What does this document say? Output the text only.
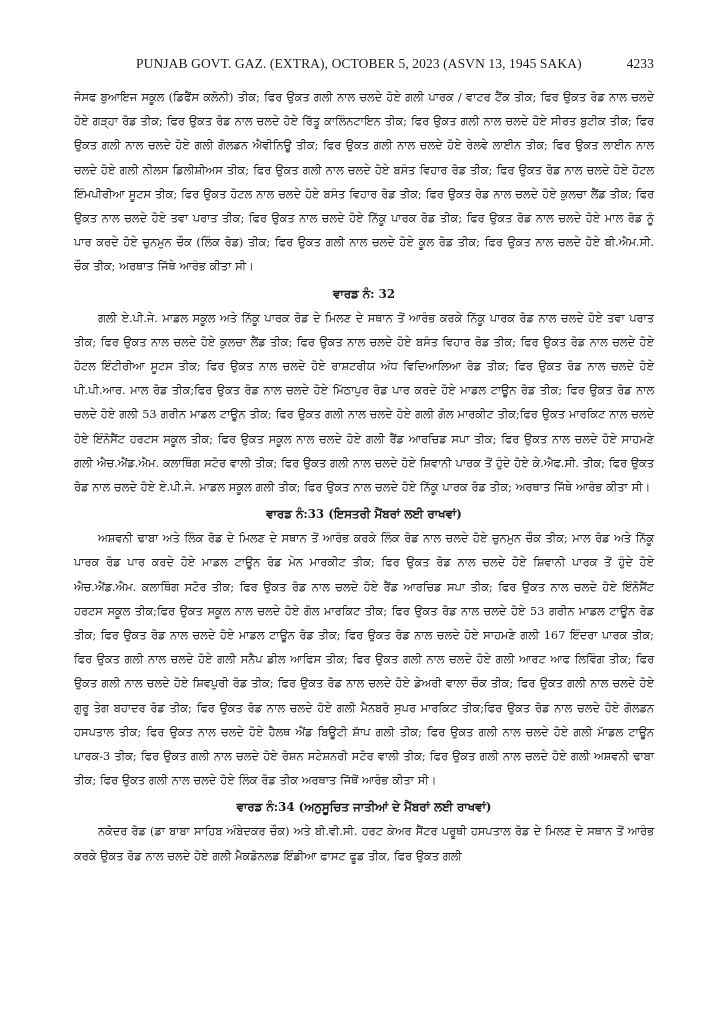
PUNJAB GOVT. GAZ. (EXTRA), OCTOBER 5, 2023 (ASVN 13, 1945 SAKA)	4233

ਜੋਸਫ ਬੁਆਇਜ ਸਕੂਲ (ਡਿਫੈਂਸ ਕਲੋਨੀ) ਤੀਕ; ਫਿਰ ਉਕਤ ਗਲੀ ਨਾਲ ਚਲਦੇ ਹੋਏ ਗਲੀ ਪਾਰਕ / ਵਾਟਰ ਟੈਂਕ ਤੀਕ; ਫਿਰ ਉਕਤ ਰੋਡ ਨਾਲ ਚਲਦੇ ਹੋਏ ਗੜ੍ਹਾ ਰੋਡ ਤੀਕ; ਫਿਰ ਉਕਤ ਰੋਡ ਨਾਲ ਚਲਦੇ ਹੋਏ ਰਿੱਤੂ ਕਾਲਿੰਨਟਾਇਨ ਤੀਕ; ਫਿਰ ਉਕਤ ਗਲੀ ਨਾਲ ਚਲਦੇ ਹੋਏ ਸੀਰਤ ਬੁਟੀਕ ਤੀਕ; ਫਿਰ ਉਕਤ ਗਲੀ ਨਾਲ ਚਲਦੇ ਹੋਏ ਗਲੀ ਗੋਲਡਨ ਐਵੀਨਿਊ ਤੀਕ; ਫਿਰ ਉਕਤ ਗਲੀ ਨਾਲ ਚਲਦੇ ਹੋਏ ਰੇਲਵੇ ਲਾਈਨ ਤੀਕ; ਫਿਰ ਉਕਤ ਲਾਈਨ ਨਾਲ ਚਲਦੇ ਹੋਏ ਗਲੀ ਨੀਲਸ ਡਿਲੀਸ਼ੀਅਸ ਤੀਕ; ਫਿਰ ਉਕਤ ਗਲੀ ਨਾਲ ਚਲਦੇ ਹੋਏ ਬਸੰਤ ਵਿਹਾਰ ਰੋਡ ਤੀਕ; ਫਿਰ ਉਕਤ ਰੋਡ ਨਾਲ ਚਲਦੇ ਹੋਏ ਹੋਟਲ ਇੰਮਪੀਰੀਆ ਸੂਟਸ ਤੀਕ; ਫਿਰ ਉਕਤ ਹੋਟਲ ਨਾਲ ਚਲਦੇ ਹੋਏ ਬਸੰਤ ਵਿਹਾਰ ਰੋਡ ਤੀਕ; ਫਿਰ ਉਕਤ ਰੋਡ ਨਾਲ ਚਲਦੇ ਹੋਏ ਕੁਲਚਾ ਲੈਂਡ ਤੀਕ; ਫਿਰ ਉਕਤ ਨਾਲ ਚਲਦੇ ਹੋਏ ਤਵਾ ਪਰਾਤ ਤੀਕ; ਫਿਰ ਉਕਤ ਨਾਲ ਚਲਦੇ ਹੋਏ ਨਿੱਕੂ ਪਾਰਕ ਰੋਡ ਤੀਕ; ਫਿਰ ਉਕਤ ਰੋਡ ਨਾਲ ਚਲਦੇ ਹੋਏ ਮਾਲ ਰੋਡ ਨੂੰ ਪਾਰ ਕਰਦੇ ਹੋਏ ਚੁਨਮੁਨ ਚੌਕ (ਲਿੰਕ ਰੋਡ) ਤੀਕ; ਫਿਰ ਉਕਤ ਗਲੀ ਨਾਲ ਚਲਦੇ ਹੋਏ ਕੂਲ ਰੋਡ ਤੀਕ; ਫਿਰ ਉਕਤ ਨਾਲ ਚਲਦੇ ਹੋਏ ਬੀ.ਐਮ.ਸੀ. ਚੌਕ ਤੀਕ; ਅਰਥਾਤ ਜਿੱਥੇ ਆਰੰਭ ਕੀਤਾ ਸੀ।

ਵਾਰਡ ਨੰ: 32

ਗਲੀ ਏ.ਪੀ.ਜੇ. ਮਾਡਲ ਸਕੂਲ ਅਤੇ ਨਿੱਕੂ ਪਾਰਕ ਰੋਡ ਦੇ ਮਿਲਣ ਦੇ ਸਥਾਨ ਤੋਂ ਆਰੰਭ ਕਰਕੇ ਨਿੱਕੂ ਪਾਰਕ ਰੋਡ ਨਾਲ ਚਲਦੇ ਹੋਏ ਤਵਾ ਪਰਾਤ ਤੀਕ; ਫਿਰ ਉਕਤ ਨਾਲ ਚਲਦੇ ਹੋਏ ਕੁਲਚਾ ਲੈਂਡ ਤੀਕ; ਫਿਰ ਉਕਤ ਨਾਲ ਚਲਦੇ ਹੋਏ ਬਸੰਤ ਵਿਹਾਰ ਰੋਡ ਤੀਕ; ਫਿਰ ਉਕਤ ਰੋਡ ਨਾਲ ਚਲਦੇ ਹੋਏ ਹੋਟਲ ਇੰਟੀਰੀਆ ਸੂਟਸ ਤੀਕ; ਫਿਰ ਉਕਤ ਨਾਲ ਚਲਦੇ ਹੋਏ ਰਾਸ਼ਟਰੀਯ ਅੰਧ ਵਿਦਿਆਲਿਆ ਰੋਡ ਤੀਕ; ਫਿਰ ਉਕਤ ਰੋਡ ਨਾਲ ਚਲਦੇ ਹੋਏ ਪੀ.ਪੀ.ਆਰ. ਮਾਲ ਰੋਡ ਤੀਕ;ਫਿਰ ਉਕਤ ਰੋਡ ਨਾਲ ਚਲਦੇ ਹੋਏ ਮਿੱਠਾਪੁਰ ਰੋਡ ਪਾਰ ਕਰਦੇ ਹੋਏ ਮਾਡਲ ਟਾਊਨ ਰੋਡ ਤੀਕ; ਫਿਰ ਉਕਤ ਰੋਡ ਨਾਲ ਚਲਦੇ ਹੋਏ ਗਲੀ 53 ਗਰੀਨ ਮਾਡਲ ਟਾਊਨ ਤੀਕ; ਫਿਰ ਉਕਤ ਗਲੀ ਨਾਲ ਚਲਦੇ ਹੋਏ ਗਲੀ ਗੋਲ ਮਾਰਕੀਟ ਤੀਕ;ਫਿਰ ਉਕਤ ਮਾਰਕਿਟ ਨਾਲ ਚਲਦੇ ਹੋਏ ਇੰਨੋਸੈਂਟ ਹਰਟਸ ਸਕੂਲ ਤੀਕ; ਫਿਰ ਉਕਤ ਸਕੂਲ ਨਾਲ ਚਲਦੇ ਹੋਏ ਗਲੀ ਰੈਂਡ ਆਰਚਿਡ ਸਪਾ ਤੀਕ; ਫਿਰ ਉਕਤ ਨਾਲ ਚਲਦੇ ਹੋਏ ਸਾਹਮਣੇ ਗਲੀ ਐਚ.ਐਂਡ.ਐਮ. ਕਲਾਥਿੰਗ ਸਟੋਰ ਵਾਲੀ ਤੀਕ; ਫਿਰ ਉਕਤ ਗਲੀ ਨਾਲ ਚਲਦੇ ਹੋਏ ਸ਼ਿਵਾਨੀ ਪਾਰਕ ਤੋਂ ਹੁੰਦੇ ਹੋਏ ਕੇ.ਐਫ.ਸੀ. ਤੀਕ; ਫਿਰ ਉਕਤ ਰੋਡ ਨਾਲ ਚਲਦੇ ਹੋਏ ਏ.ਪੀ.ਜੇ. ਮਾਡਲ ਸਕੂਲ ਗਲੀ ਤੀਕ; ਫਿਰ ਉਕਤ ਨਾਲ ਚਲਦੇ ਹੋਏ ਨਿੱਕੂ ਪਾਰਕ ਰੋਡ ਤੀਕ; ਅਰਥਾਤ ਜਿੱਥੇ ਆਰੰਭ ਕੀਤਾ ਸੀ।

ਵਾਰਡ ਨੰ:33 (ਇਸਤਰੀ ਮੈਂਬਰਾਂ ਲਈ ਰਾਖਵਾਂ)

ਅਸ਼ਵਨੀ ਢਾਬਾ ਅਤੇ ਲਿੰਕ ਰੋਡ ਦੇ ਮਿਲਣ ਦੇ ਸਥਾਨ ਤੋਂ ਆਰੰਭ ਕਰਕੇ ਲਿੰਕ ਰੋਡ ਨਾਲ ਚਲਦੇ ਹੋਏ ਚੁਨਮੁਨ ਚੌਕ ਤੀਕ; ਮਾਲ ਰੋਡ ਅਤੇ ਨਿੱਕੂ ਪਾਰਕ ਰੋਡ ਪਾਰ ਕਰਦੇ ਹੋਏ ਮਾਡਲ ਟਾਊਨ ਰੋਡ ਮੇਨ ਮਾਰਕੀਟ ਤੀਕ; ਫਿਰ ਉਕਤ ਰੋਡ ਨਾਲ ਚਲਦੇ ਹੋਏ ਸ਼ਿਵਾਨੀ ਪਾਰਕ ਤੋਂ ਹੁੰਦੇ ਹੋਏ ਐਚ.ਐਂਡ.ਐਮ. ਕਲਾਥਿੰਗ ਸਟੋਰ ਤੀਕ; ਫਿਰ ਉਕਤ ਰੋਡ ਨਾਲ ਚਲਦੇ ਹੋਏ ਰੈਂਡ ਆਰਚਿਡ ਸਪਾ ਤੀਕ; ਫਿਰ ਉਕਤ ਨਾਲ ਚਲਦੇ ਹੋਏ ਇੰਨੋਸੈਂਟ ਹਰਟਸ ਸਕੂਲ ਤੀਕ;ਫਿਰ ਉਕਤ ਸਕੂਲ ਨਾਲ ਚਲਦੇ ਹੋਏ ਗੋਲ ਮਾਰਕਿਟ ਤੀਕ; ਫਿਰ ਉਕਤ ਰੋਡ ਨਾਲ ਚਲਦੇ ਹੋਏ 53 ਗਰੀਨ ਮਾਡਲ ਟਾਊਨ ਰੋਡ ਤੀਕ; ਫਿਰ ਉਕਤ ਰੋਡ ਨਾਲ ਚਲਦੇ ਹੋਏ ਮਾਡਲ ਟਾਊਨ ਰੋਡ ਤੀਕ; ਫਿਰ ਉਕਤ ਰੋਡ ਨਾਲ ਚਲਦੇ ਹੋਏ ਸਾਹਮਣੇ ਗਲੀ 167 ਇੰਦਰਾ ਪਾਰਕ ਤੀਕ; ਫਿਰ ਉਕਤ ਗਲੀ ਨਾਲ ਚਲਦੇ ਹੋਏ ਗਲੀ ਸਨੈਪ ਡੀਲ ਆਫਿਸ ਤੀਕ; ਫਿਰ ਉਕਤ ਗਲੀ ਨਾਲ ਚਲਦੇ ਹੋਏ ਗਲੀ ਆਰਟ ਆਫ ਲਿਵਿੰਗ ਤੀਕ; ਫਿਰ ਉਕਤ ਗਲੀ ਨਾਲ ਚਲਦੇ ਹੋਏ ਸ਼ਿਵਪੁਰੀ ਰੋਡ ਤੀਕ; ਫਿਰ ਉਕਤ ਰੋਡ ਨਾਲ ਚਲਦੇ ਹੋਏ ਡੇਅਰੀ ਵਾਲਾ ਚੌਕ ਤੀਕ; ਫਿਰ ਉਕਤ ਗਲੀ ਨਾਲ ਚਲਦੇ ਹੋਏ ਗੁਰੂ ਤੇਗ ਬਹਾਦਰ ਰੋਡ ਤੀਕ; ਫਿਰ ਉਕਤ ਰੋਡ ਨਾਲ ਚਲਦੇ ਹੋਏ ਗਲੀ ਮੈਨਬਰੋ ਸੁਪਰ ਮਾਰਕਿਟ ਤੀਕ;ਫਿਰ ਉਕਤ ਰੋਡ ਨਾਲ ਚਲਦੇ ਹੋਏ ਗੋਲਡਨ ਹਸਪਤਾਲ ਤੀਕ; ਫਿਰ ਉਕਤ ਨਾਲ ਚਲਦੇ ਹੋਏ ਹੈਲਥ ਐਂਡ ਬਿਊਟੀ ਸ਼ਾੱਪ ਗਲੀ ਤੀਕ; ਫਿਰ ਉਕਤ ਗਲੀ ਨਾਲ ਚਲਦੇ ਹੋਏ ਗਲੀ ਮਾੱਡਲ ਟਾਊਨ ਪਾਰਕ-3 ਤੀਕ; ਫਿਰ ਉਕਤ ਗਲੀ ਨਾਲ ਚਲਦੇ ਹੋਏ ਰੋਸ਼ਨ ਸਟੇਸ਼ਨਰੀ ਸਟੋਰ ਵਾਲੀ ਤੀਕ; ਫਿਰ ਉਕਤ ਗਲੀ ਨਾਲ ਚਲਦੇ ਹੋਏ ਗਲੀ ਅਸ਼ਵਨੀ ਢਾਬਾ ਤੀਕ; ਫਿਰ ਉਕਤ ਗਲੀ ਨਾਲ ਚਲਦੇ ਹੋਏ ਲਿੰਕ ਰੋਡ ਤੀਕ ਅਰਥਾਤ ਜਿੱਥੋਂ ਆਰੰਭ ਕੀਤਾ ਸੀ।

ਵਾਰਡ ਨੰ:34 (ਅਨੁਸੂਚਿਤ ਜਾਤੀਆਂ ਦੇ ਮੈਂਬਰਾਂ ਲਈ ਰਾਖਵਾਂ)

ਨਕੋਦਰ ਰੋਡ (ਡਾ ਬਾਬਾ ਸਾਹਿਬ ਅੰਬੇਦਕਰ ਚੌਕ) ਅਤੇ ਬੀ.ਵੀ.ਸੀ. ਹਰਟ ਕੇਅਰ ਸੈਂਟਰ ਪਰੂਥੀ ਹਸਪਤਾਲ ਰੋਡ ਦੇ ਮਿਲਣ ਦੇ ਸਥਾਨ ਤੋਂ ਆਰੰਭ ਕਰਕੇ ਉਕਤ ਰੋਡ ਨਾਲ ਚਲਦੇ ਹੋਏ ਗਲੀ ਮੈਕਡੋਨਲਡ ਇੰਡੀਆ ਫਾਸਟ ਫੂਡ ਤੀਕ, ਫਿਰ ਉਕਤ ਗਲੀ
